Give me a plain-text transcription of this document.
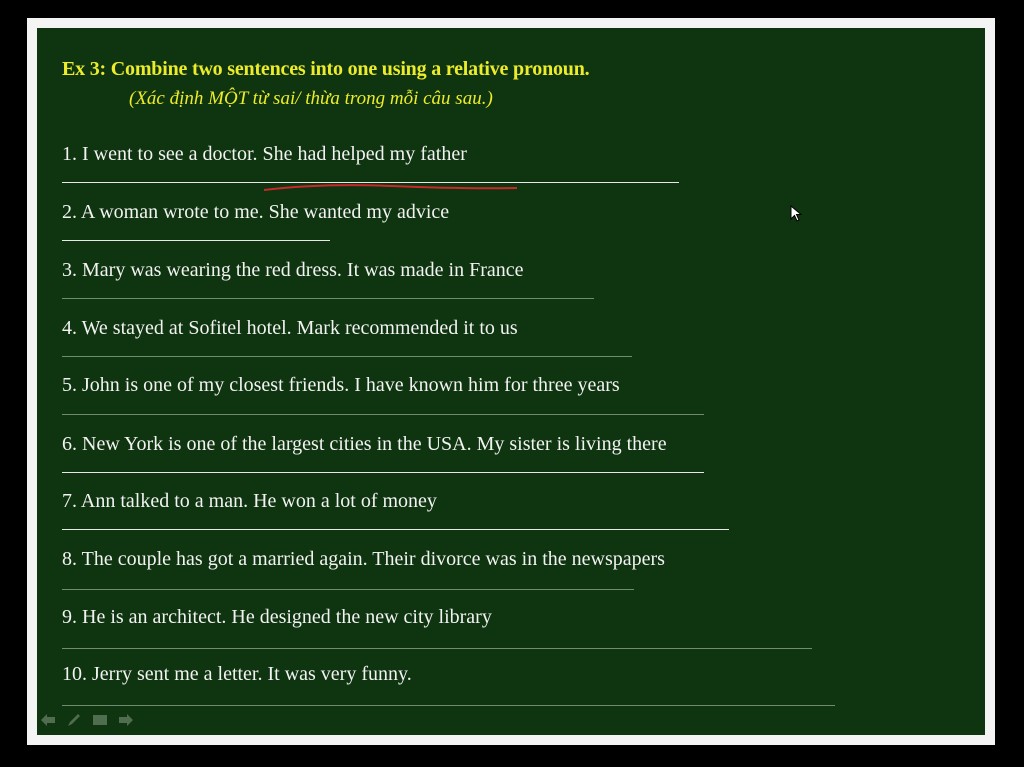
Ex 3: Combine two sentences into one using a relative pronoun.
(Xác định MỘT từ sai/ thừa trong mỗi câu sau.)
1. I went to see a doctor. She had helped my father
2. A woman wrote to me. She wanted my advice
3. Mary was wearing the red dress. It was made in France
4. We stayed at Sofitel hotel. Mark recommended it to us
5. John is one of my closest friends. I have known him for three years
6. New York is one of the largest cities in the USA. My sister is living there
7. Ann talked to a man. He won a lot of money
8. The couple has got a married again. Their divorce was in the newspapers
9. He is an architect. He designed the new city library
10. Jerry sent me a letter. It was very funny.
